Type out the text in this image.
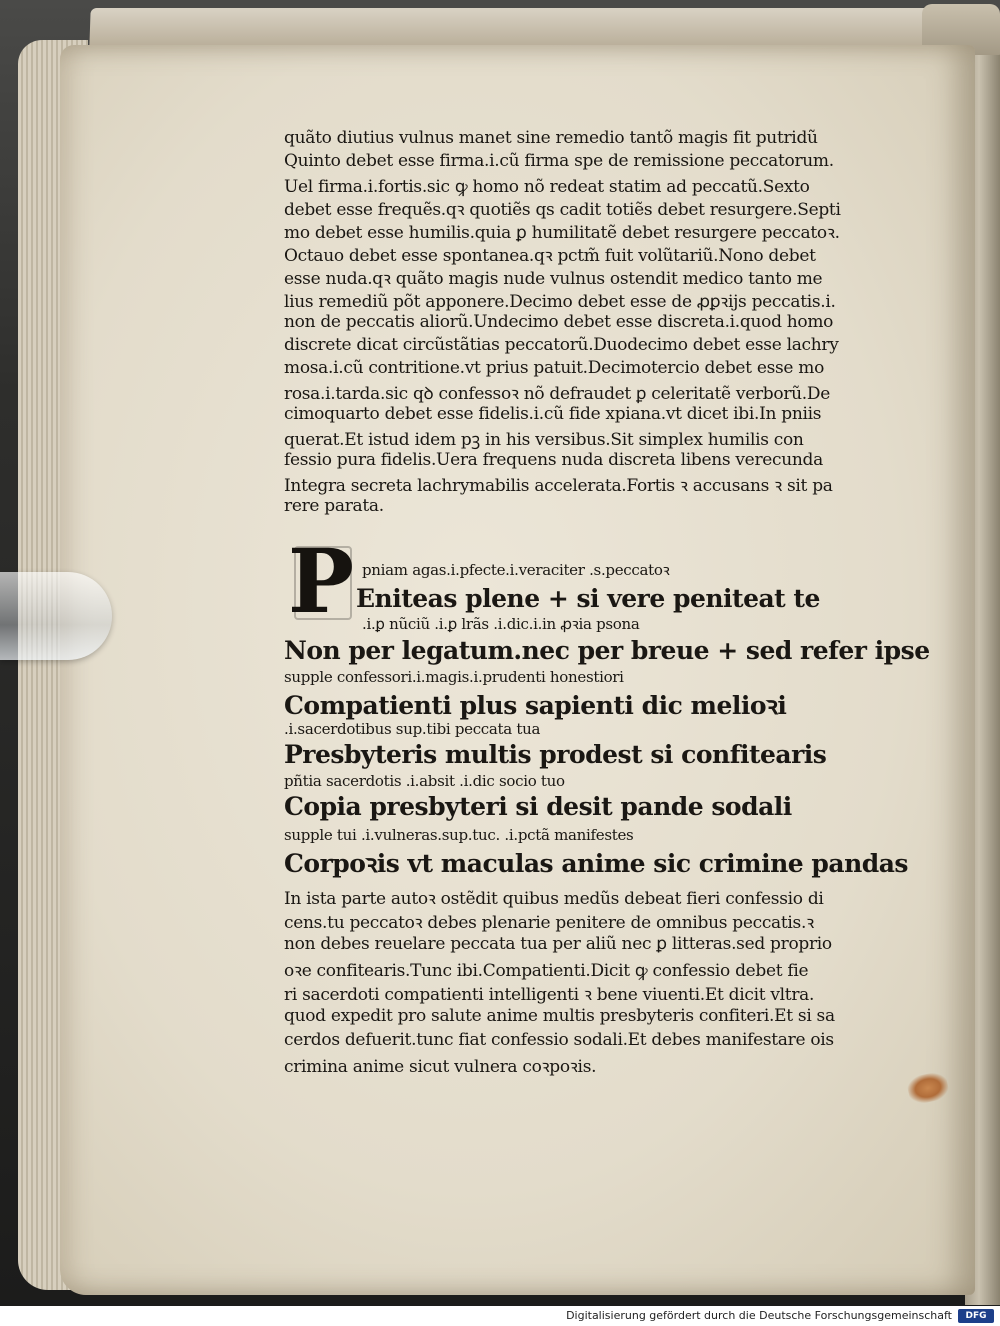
quãto diutius vulnus manet sine remedio tantõ magis fit putridũ
Quinto debet esse firma.i.cũ firma spe de remissione peccatorum.
Uel firma.i.fortis.sic ꝙ homo nõ redeat statim ad peccatũ.Sexto
debet esse frequẽs.qꝛ quotiẽs qs cadit totiẽs debet resurgere.Septi
mo debet esse humilis.quia ꝑ humilitatẽ debet resurgere peccatoꝛ.
Octauo debet esse spontanea.qꝛ pctm̃ fuit volũtariũ.Nono debet
esse nuda.qꝛ quãto magis nude vulnus ostendit medico tanto me
lius remediũ põt apponere.Decimo debet esse de ꝓꝑꝛijs peccatis.i.
non de peccatis aliorũ.Undecimo debet esse discreta.i.quod homo
discrete dicat circũstãtias peccatorũ.Duodecimo debet esse lachry
mosa.i.cũ contritione.vt prius patuit.Decimotercio debet esse mo
rosa.i.tarda.sic qꝺ confessoꝛ nõ defraudet ꝑ celeritatẽ verborũ.De
cimoquarto debet esse fidelis.i.cũ fide xpiana.vt dicet ibi.In pniis
querat.Et istud idem pꝫ in his versibus.Sit simplex humilis con
fessio pura fidelis.Uera frequens nuda discreta libens verecunda
Integra secreta lachrymabilis accelerata.Fortis ꝛ accusans ꝛ sit pa
rere parata.
P pniam agas.i.pfecte.i.veraciter .s.peccatoꝛ
Eniteas plene + si vere peniteat te
.i.ꝑ nũciũ .i.ꝑ lrãs .i.dic.i.in ꝓꝛia psona
Non per legatum.nec per breue + sed refer ipse
supple confessori.i.magis.i.prudenti honestiori
Compatienti plus sapienti dic melioꝛi
.i.sacerdotibus sup.tibi peccata tua
Presbyteris multis prodest si confitearis
pñtia sacerdotis .i.absit .i.dic socio tuo
Copia presbyteri si desit pande sodali
supple tui .i.vulneras.sup.tuc. .i.pctã manifestes
Corpoꝛis vt maculas anime sic crimine pandas
In ista parte autoꝛ ostẽdit quibus medũs debeat fieri confessio di
cens.tu peccatoꝛ debes plenarie penitere de omnibus peccatis.ꝛ
non debes reuelare peccata tua per aliũ nec ꝑ litteras.sed proprio
oꝛe confitearis.Tunc ibi.Compatienti.Dicit ꝙ confessio debet fie
ri sacerdoti compatienti intelligenti ꝛ bene viuenti.Et dicit vltra.
quod expedit pro salute anime multis presbyteris confiteri.Et si sa
cerdos defuerit.tunc fiat confessio sodali.Et debes manifestare ois
crimina anime sicut vulnera coꝛpoꝛis.
Digitalisierung gefördert durch die Deutsche Forschungsgemeinschaft	DFG
